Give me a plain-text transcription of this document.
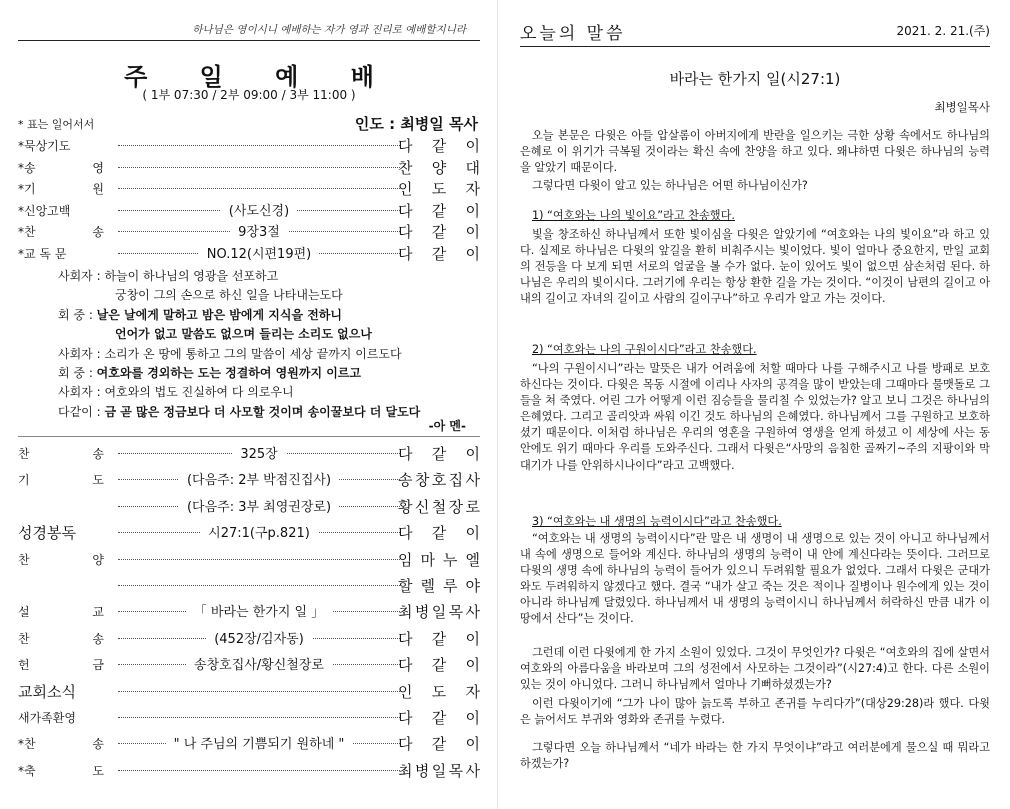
하나님은 영이시니 예배하는 자가 영과 진리로 예배할지니라
주 일 예 배
( 1부 07:30 / 2부 09:00 / 3부 11:00 )
* 표는 일어서서	인도 : 최병일 목사
*묵상기도	다 같 이
*송	영	찬 양 대
*기	원	인 도 자
*신앙고백	(사도신경)	다 같 이
*찬	송	9장3절	다 같 이
*교 독 문	NO.12(시편19편)	다 같 이
사회자 : 하늘이 하나님의 영광을 선포하고
궁창이 그의 손으로 하신 일을 나타내는도다
회 중 : 날은 날에게 말하고 밤은 밤에게 지식을 전하니
언어가 없고 말씀도 없으며 들리는 소리도 없으나
사회자 : 소리가 온 땅에 통하고 그의 말씀이 세상 끝까지 이르도다
회 중 : 여호와를 경외하는 도는 정결하여 영원까지 이르고
사회자 : 여호와의 법도 진실하여 다 의로우니
다같이 : 금 곧 많은 정금보다 더 사모할 것이며 송이꿀보다 더 달도다
-아 멘-
찬	송	325장	다 같 이
기	도	(다음주: 2부 박점진집사)	송 창 호 집 사
(다음주: 3부 최영권장로)	황 신 철 장 로
성경봉독	시27:1(구p.821)	다 같 이
찬	양	임 마 누 엘
할 렐 루 야
설	교	「 바라는 한가지 일 」	최 병 일 목 사
찬	송	(452장/김자동)	다 같 이
헌	금	송창호집사/황신철장로	다 같 이
교회소식	인 도 자
새가족환영	다 같 이
*찬	송	" 나 주님의 기쁨되기 원하네 "	다 같 이
*축	도	최 병 일 목 사
오늘의 말씀	2021. 2. 21.(주)
바라는 한가지 일(시27:1)
최병일목사

오늘 본문은 다윗은 아들 압살롬이 아버지에게 반란을 일으키는 극한 상황 속에서도 하나님의 은혜로 이 위기가 극복될 것이라는 확신 속에 찬양을 하고 있다. 왜냐하면 다윗은 하나님의 능력을 알았기 때문이다.

그렇다면 다윗이 알고 있는 하나님은 어떤 하나님이신가?

1) “여호와는 나의 빛이요”라고 찬송했다.

빛을 창조하신 하나님께서 또한 빛이심을 다윗은 알았기에 “여호와는 나의 빛이요”라 하고 있다. 실제로 하나님은 다윗의 앞길을 환히 비춰주시는 빛이었다. 빛이 얼마나 중요한지, 만일 교회의 전등을 다 보게 되면 서로의 얼굴을 볼 수가 없다. 눈이 있어도 빛이 없으면 삼손처럼 된다. 하나님은 우리의 빛이시다. 그러기에 우리는 항상 환한 길을 가는 것이다. “이것이 남편의 길이고 아내의 길이고 자녀의 길이고 사람의 길이구나”하고 우리가 알고 가는 것이다.

2) “여호와는 나의 구원이시다”라고 찬송했다.

“나의 구원이시니”라는 말뜻은 내가 어려움에 처할 때마다 나를 구해주시고 나를 방패로 보호하신다는 것이다. 다윗은 목동 시절에 이리나 사자의 공격을 많이 받았는데 그때마다 물맷돌로 그들을 쳐 죽였다. 어린 그가 어떻게 이런 짐승들을 물리칠 수 있었는가? 알고 보니 그것은 하나님의 은혜였다. 그리고 골리앗과 싸워 이긴 것도 하나님의 은혜였다. 하나님께서 그를 구원하고 보호하셨기 때문이다. 이처럼 하나님은 우리의 영혼을 구원하여 영생을 얻게 하셨고 이 세상에 사는 동안에도 위기 때마다 우리를 도와주신다. 그래서 다윗은“사망의 음침한 골짜기~주의 지팡이와 막대기가 나를 안위하시나이다”라고 고백했다.

3) “여호와는 내 생명의 능력이시다”라고 찬송했다.

“여호와는 내 생명의 능력이시다”란 말은 내 생명이 내 생명으로 있는 것이 아니고 하나님께서 내 속에 생명으로 들어와 계신다. 하나님의 생명의 능력이 내 안에 계신다라는 뜻이다. 그러므로 다윗의 생명 속에 하나님의 능력이 들어가 있으니 두려워할 필요가 없었다. 그래서 다윗은 군대가 와도 두려워하지 않겠다고 했다. 결국 “내가 살고 죽는 것은 적이나 질병이나 원수에게 있는 것이 아니라 하나님께 달렸있다. 하나님께서 내 생명의 능력이시니 하나님께서 허락하신 만큼 내가 이 땅에서 산다”는 것이다.

그런데 이런 다윗에게 한 가지 소원이 있었다. 그것이 무엇인가? 다윗은 “여호와의 집에 살면서 여호와의 아름다움을 바라보며 그의 성전에서 사모하는 그것이라”(시27:4)고 한다. 다른 소원이 있는 것이 아니었다. 그러니 하나님께서 얼마나 기뻐하셨겠는가?

이런 다윗이기에 “그가 나이 많아 늙도록 부하고 존귀를 누리다가”(대상29:28)라 했다. 다윗은 늙어서도 부귀와 영화와 존귀를 누렸다.

그렇다면 오늘 하나님께서 “네가 바라는 한 가지 무엇이냐”라고 여러분에게 물으실 때 뭐라고 하겠는가?
